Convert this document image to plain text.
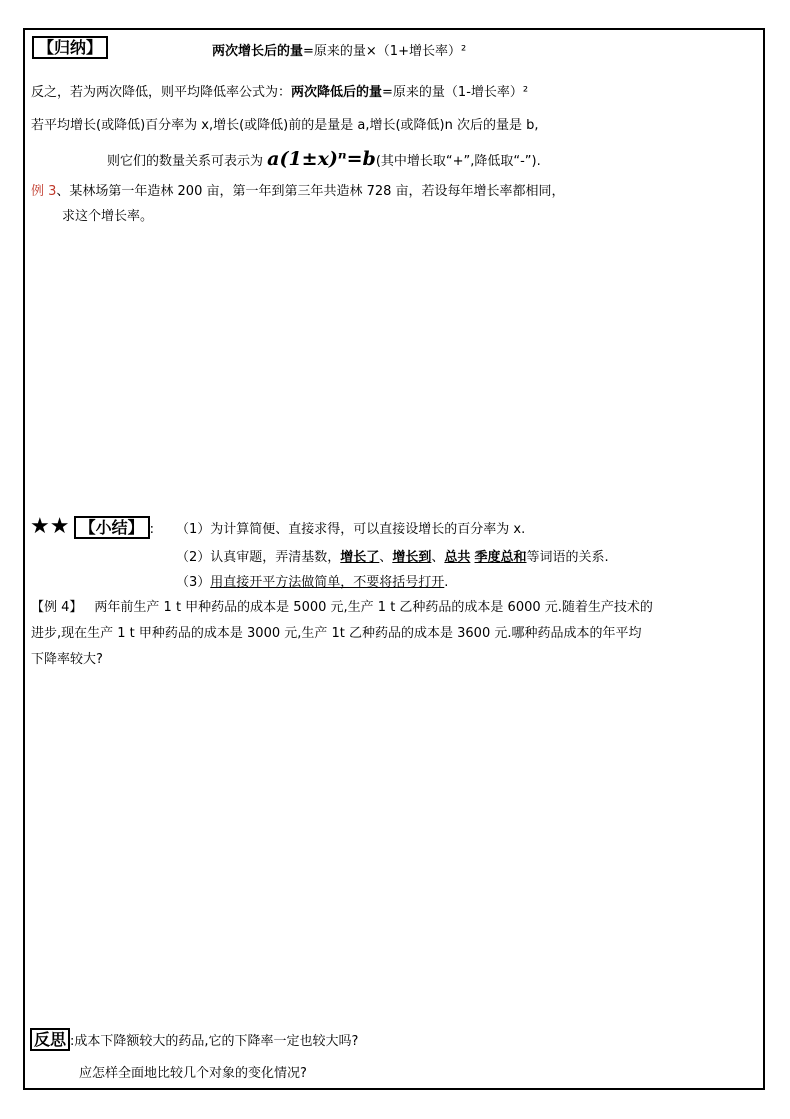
【归纳】	两次增长后的量=原来的量×（1+增长率）²
反之，若为两次降低，则平均降低率公式为：两次降低后的量=原来的量（1-增长率）²
若平均增长(或降低)百分率为 x,增长(或降低)前的是量是 a,增长(或降低)n 次后的量是 b,
则它们的数量关系可表示为 a(1±x)ⁿ=b(其中增长取“+”,降低取“-”).
例 3、某林场第一年造林 200 亩，第一年到第三年共造林 728 亩，若设每年增长率都相同，
求这个增长率。
★★ 【小结】 : （1）为计算简便、直接求得，可以直接设增长的百分率为 x.
（2）认真审题，弄清基数，增长了、增长到、总共 季度总和等词语的关系.
（3）用直接开平方法做简单，不要将括号打开.
【例 4】 两年前生产 1 t 甲种药品的成本是 5000 元,生产 1 t 乙种药品的成本是 6000 元.随着生产技术的
进步,现在生产 1 t 甲种药品的成本是 3000 元,生产 1t 乙种药品的成本是 3600 元.哪种药品成本的年平均
下降率较大?
反思 :成本下降额较大的药品,它的下降率一定也较大吗?
应怎样全面地比较几个对象的变化情况?
